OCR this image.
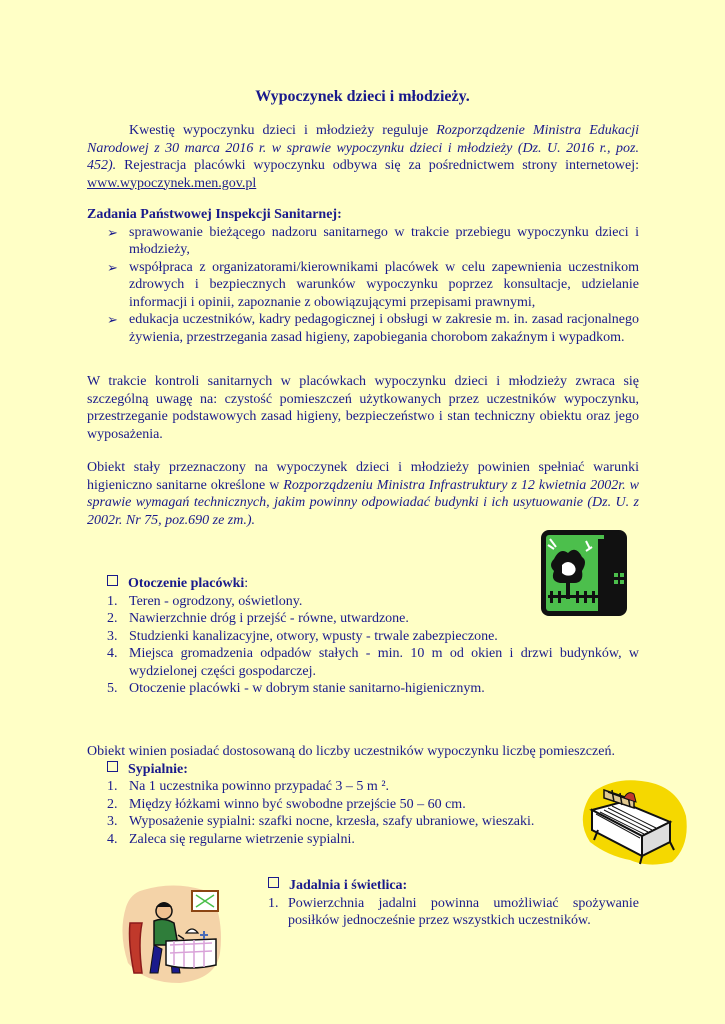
Wypoczynek dzieci i młodzieży.
Kwestię wypoczynku dzieci i młodzieży reguluje Rozporządzenie Ministra Edukacji Narodowej z 30 marca 2016 r. w sprawie wypoczynku dzieci i młodzieży (Dz. U. 2016 r., poz. 452). Rejestracja placówki wypoczynku odbywa się za pośrednictwem strony internetowej: www.wypoczynek.men.gov.pl
Zadania Państwowej Inspekcji Sanitarnej:
➢ sprawowanie bieżącego nadzoru sanitarnego w trakcie przebiegu wypoczynku dzieci i młodzieży,
➢ współpraca z organizatorami/kierownikami placówek w celu zapewnienia uczestnikom zdrowych i bezpiecznych warunków wypoczynku poprzez konsultacje, udzielanie informacji i opinii, zapoznanie z obowiązującymi przepisami prawnymi,
➢ edukacja uczestników, kadry pedagogicznej i obsługi w zakresie m. in. zasad racjonalnego żywienia, przestrzegania zasad higieny, zapobiegania chorobom zakaźnym i wypadkom.
W trakcie kontroli sanitarnych w placówkach wypoczynku dzieci i młodzieży zwraca się szczególną uwagę na: czystość pomieszczeń użytkowanych przez uczestników wypoczynku, przestrzeganie podstawowych zasad higieny, bezpieczeństwo i stan techniczny obiektu oraz jego wyposażenia.
Obiekt stały przeznaczony na wypoczynek dzieci i młodzieży powinien spełniać warunki higieniczno sanitarne określone w Rozporządzeniu Ministra Infrastruktury z 12 kwietnia 2002r. w sprawie wymagań technicznych, jakim powinny odpowiadać budynki i ich usytuowanie (Dz. U. z 2002r. Nr 75, poz.690 ze zm.).
Otoczenie placówki:
1. Teren - ogrodzony, oświetlony.
2. Nawierzchnie dróg i przejść - równe, utwardzone.
3. Studzienki kanalizacyjne, otwory, wpusty - trwale zabezpieczone.
4. Miejsca gromadzenia odpadów stałych - min. 10 m od okien i drzwi budynków, w wydzielonej części gospodarczej.
5. Otoczenie placówki - w dobrym stanie sanitarno-higienicznym.
Obiekt winien posiadać dostosowaną do liczby uczestników wypoczynku liczbę pomieszczeń.
Sypialnie:
1. Na 1 uczestnika powinno przypadać 3 – 5 m ².
2. Między łóżkami winno być swobodne przejście 50 – 60 cm.
3. Wyposażenie sypialni: szafki nocne, krzesła, szafy ubraniowe, wieszaki.
4. Zaleca się regularne wietrzenie sypialni.
Jadalnia i świetlica:
1. Powierzchnia jadalni powinna umożliwiać spożywanie posiłków jednocześnie przez wszystkich uczestników.
